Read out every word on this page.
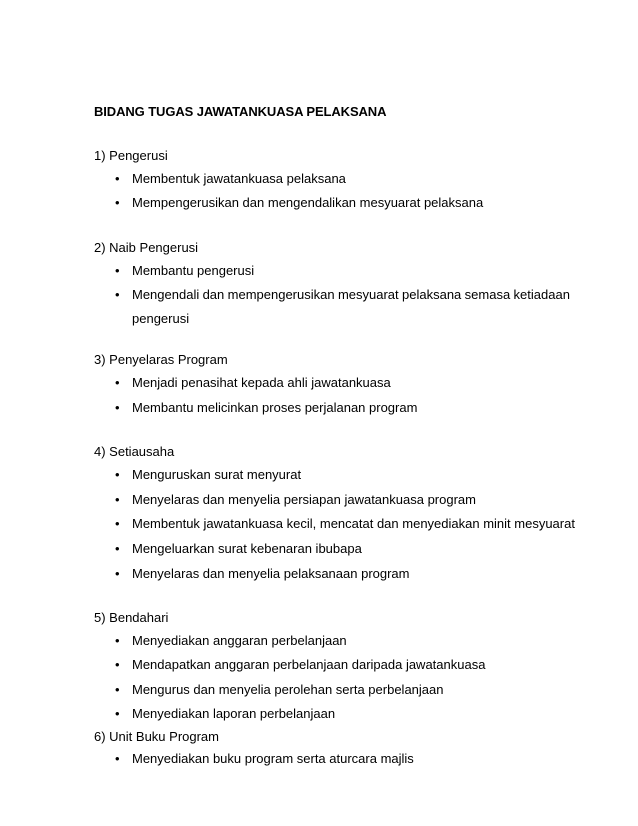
BIDANG TUGAS JAWATANKUASA PELAKSANA

1) Pengerusi

• Membentuk jawatankuasa pelaksana
• Mempengerusikan dan mengendalikan mesyuarat pelaksana

2) Naib Pengerusi

• Membantu pengerusi
• Mengendali dan mempengerusikan mesyuarat pelaksana semasa ketiadaan
pengerusi

3) Penyelaras Program

• Menjadi penasihat kepada ahli jawatankuasa
• Membantu melicinkan proses perjalanan program

4) Setiausaha

• Menguruskan surat menyurat
• Menyelaras dan menyelia persiapan jawatankuasa program
• Membentuk jawatankuasa kecil, mencatat dan menyediakan minit mesyuarat
• Mengeluarkan surat kebenaran ibubapa
• Menyelaras dan menyelia pelaksanaan program

5) Bendahari

• Menyediakan anggaran perbelanjaan
• Mendapatkan anggaran perbelanjaan daripada jawatankuasa
• Mengurus dan menyelia perolehan serta perbelanjaan
• Menyediakan laporan perbelanjaan

6) Unit Buku Program

• Menyediakan buku program serta aturcara majlis
